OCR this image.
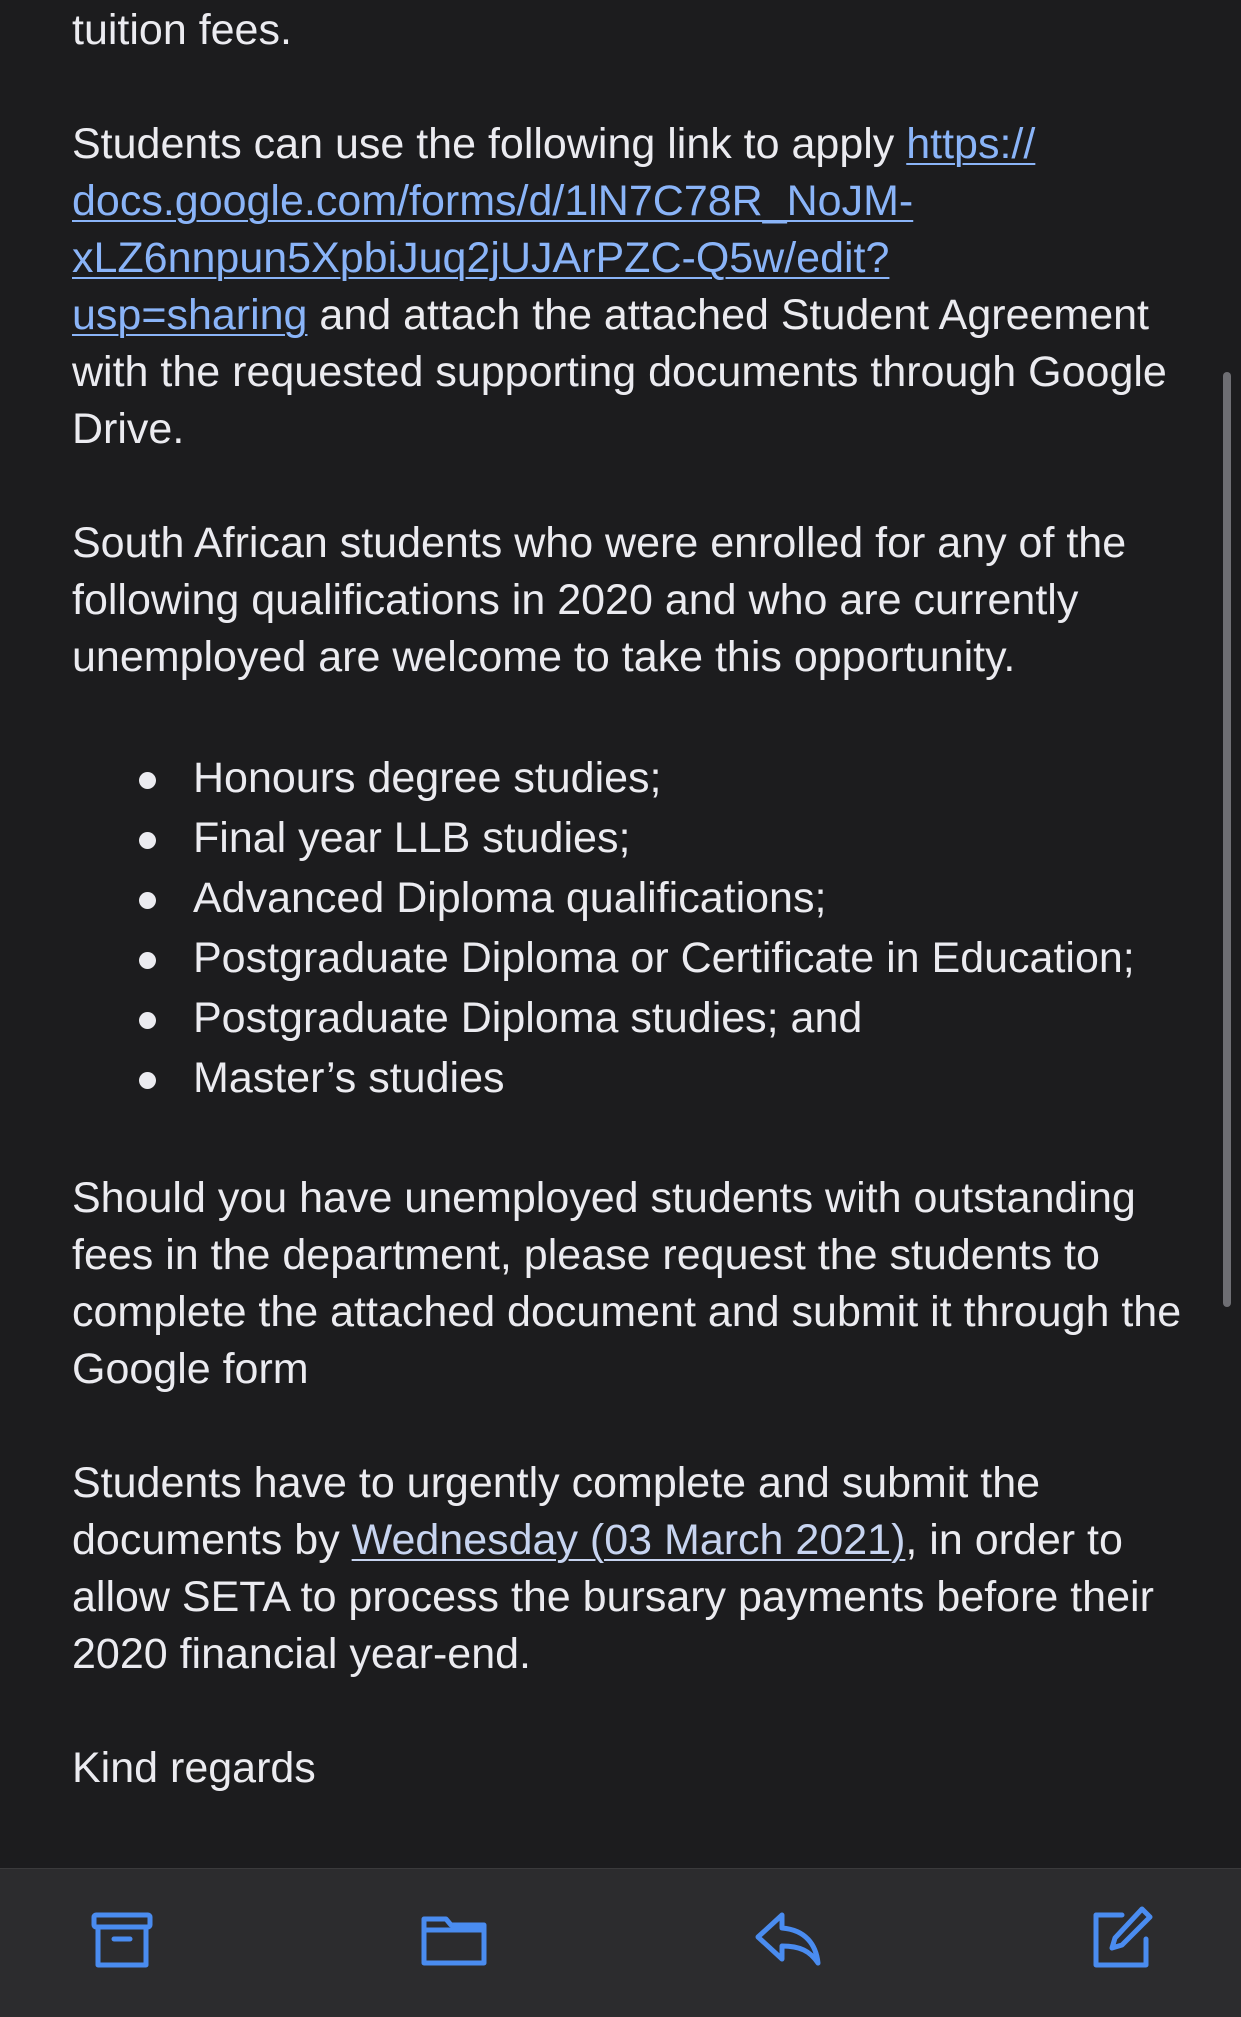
tuition fees.

Students can use the following link to apply https://
docs.google.com/forms/d/1lN7C78R_NoJM-
xLZ6nnpun5XpbiJuq2jUJArPZC-Q5w/edit?
usp=sharing and attach the attached Student Agreement with the requested supporting documents through Google Drive.

South African students who were enrolled for any of the following qualifications in 2020 and who are currently unemployed are welcome to take this opportunity.

Honours degree studies;
Final year LLB studies;
Advanced Diploma qualifications;
Postgraduate Diploma or Certificate in Education;
Postgraduate Diploma studies; and
Master’s studies

Should you have unemployed students with outstanding fees in the department, please request the students to complete the attached document and submit it through the Google form

Students have to urgently complete and submit the documents by Wednesday (03 March 2021), in order to allow SETA to process the bursary payments before their 2020 financial year-end.

Kind regards
